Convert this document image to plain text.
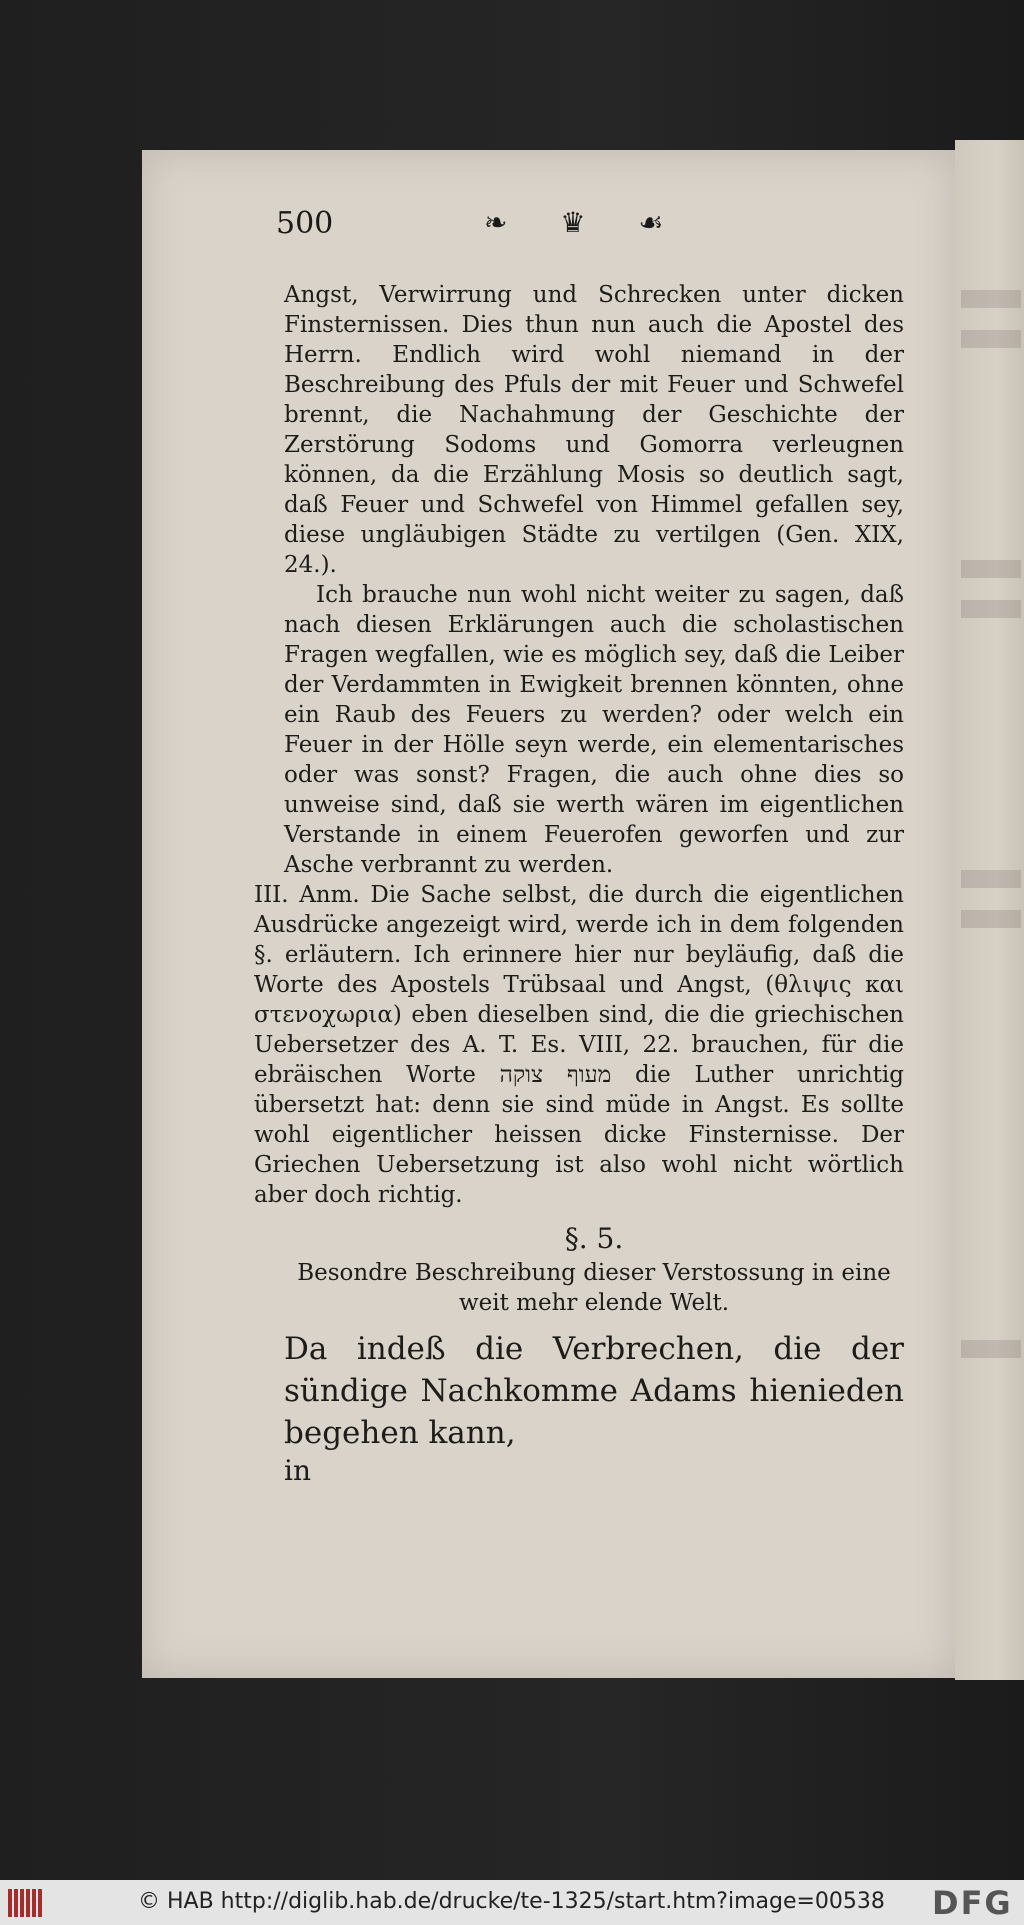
500	❧ ♛ ☙

Angst, Verwirrung und Schrecken unter dicken Finsternissen. Dies thun nun auch die Apostel des Herrn. Endlich wird wohl niemand in der Beschreibung des Pfuls der mit Feuer und Schwefel brennt, die Nachahmung der Geschichte der Zerstörung Sodoms und Gomorra verleugnen können, da die Erzählung Mosis so deutlich sagt, daß Feuer und Schwefel von Himmel gefallen sey, diese ungläubigen Städte zu vertilgen (Gen. XIX, 24.).

Ich brauche nun wohl nicht weiter zu sagen, daß nach diesen Erklärungen auch die scholastischen Fragen wegfallen, wie es möglich sey, daß die Leiber der Verdammten in Ewigkeit brennen könnten, ohne ein Raub des Feuers zu werden? oder welch ein Feuer in der Hölle seyn werde, ein elementarisches oder was sonst? Fragen, die auch ohne dies so unweise sind, daß sie werth wären im eigentlichen Verstande in einem Feuerofen geworfen und zur Asche verbrannt zu werden.

III. Anm. Die Sache selbst, die durch die eigentlichen Ausdrücke angezeigt wird, werde ich in dem folgenden §. erläutern. Ich erinnere hier nur beyläufig, daß die Worte des Apostels Trübsaal und Angst, (θλιψις και στενοχωρια) eben dieselben sind, die die griechischen Uebersetzer des A. T. Es. VIII, 22. brauchen, für die ebräischen Worte מעוף צוקה die Luther unrichtig übersetzt hat: denn sie sind müde in Angst. Es sollte wohl eigentlicher heissen dicke Finsternisse. Der Griechen Uebersetzung ist also wohl nicht wörtlich aber doch richtig.

§. 5.
Besondre Beschreibung dieser Verstossung in eine weit mehr elende Welt.

Da indeß die Verbrechen, die der sündige Nachkomme Adams hienieden begehen kann,

in

© HAB http://diglib.hab.de/drucke/te-1325/start.htm?image=00538 DFG
